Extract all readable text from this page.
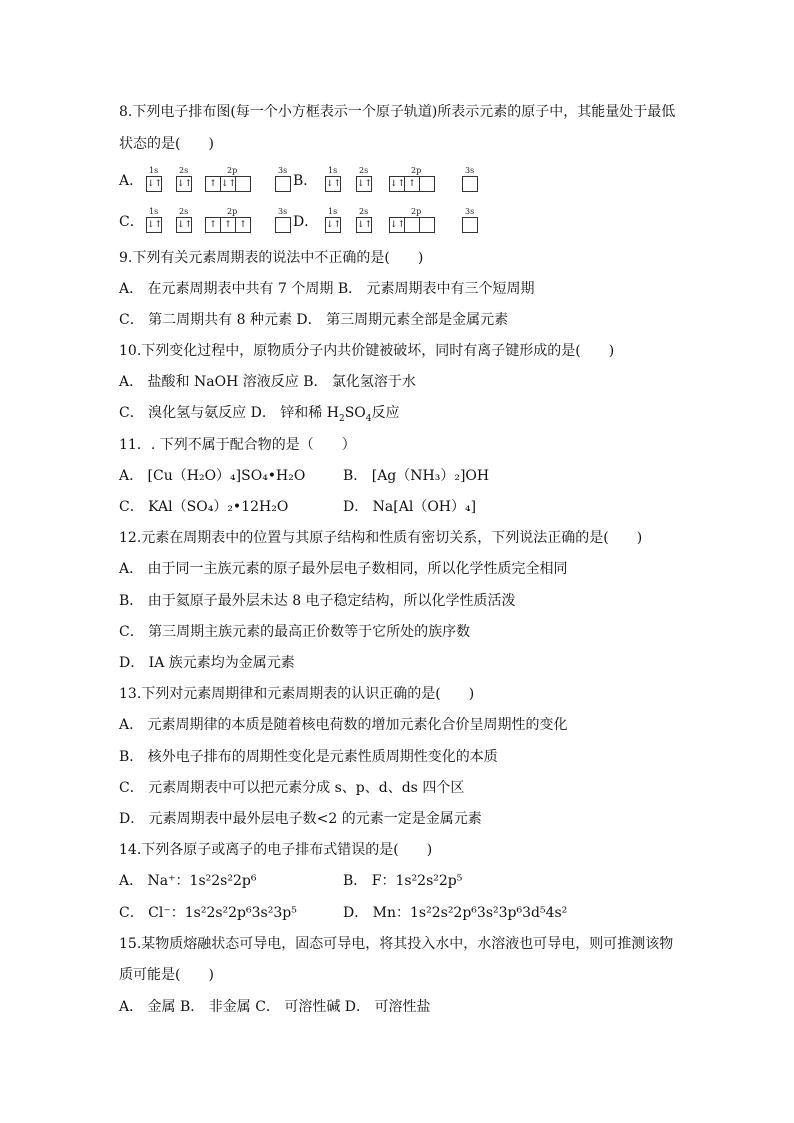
8.下列电子排布图(每一个小方框表示一个原子轨道)所表示元素的原子中，其能量处于最低
状态的是(　　)
A．	B．
C．	D．
1s
↓↑
2s
↓↑
2p
↑ ↓↑
3s	1s
↓↑
2s
↓↑
2p
↓↑ ↑
3s
1s
↓↑
2s
↓↑
2p
↑ ↑ ↑
3s	1s
↓↑
2s
↓↑
2p
↓↑
3s
9.下列有关元素周期表的说法中不正确的是(　　)
A． 在元素周期表中共有 7 个周期 B． 元素周期表中有三个短周期
C． 第二周期共有 8 种元素 D． 第三周期元素全部是金属元素
10.下列变化过程中，原物质分子内共价键被破坏，同时有离子键形成的是(　　)
A． 盐酸和 NaOH 溶液反应 B． 氯化氢溶于水
C． 溴化氢与氨反应 D． 锌和稀 $H_2SO_4$反应
11．. 下列不属于配合物的是（　　）
A． [Cu（H₂O）₄]SO₄•H₂O	B． [Ag（NH₃）₂]OH
C． KAl（SO₄）₂•12H₂O	D． Na[Al（OH）₄]
12.元素在周期表中的位置与其原子结构和性质有密切关系，下列说法正确的是(　　)
A． 由于同一主族元素的原子最外层电子数相同，所以化学性质完全相同
B． 由于氦原子最外层未达 8 电子稳定结构，所以化学性质活泼
C． 第三周期主族元素的最高正价数等于它所处的族序数
D． ⅠA 族元素均为金属元素
13.下列对元素周期律和元素周期表的认识正确的是(　　)
A． 元素周期律的本质是随着核电荷数的增加元素化合价呈周期性的变化
B． 核外电子排布的周期性变化是元素性质周期性变化的本质
C． 元素周期表中可以把元素分成 s、p、d、ds 四个区
D． 元素周期表中最外层电子数<2 的元素一定是金属元素
14.下列各原子或离子的电子排布式错误的是(　　)
A． Na⁺：1s²2s²2p⁶	B． F：1s²2s²2p⁵
C． Cl⁻：1s²2s²2p⁶3s²3p⁵	D． Mn：1s²2s²2p⁶3s²3p⁶3d⁵4s²
15.某物质熔融状态可导电，固态可导电，将其投入水中，水溶液也可导电，则可推测该物
质可能是(　　)
A． 金属 B． 非金属 C． 可溶性碱 D． 可溶性盐
